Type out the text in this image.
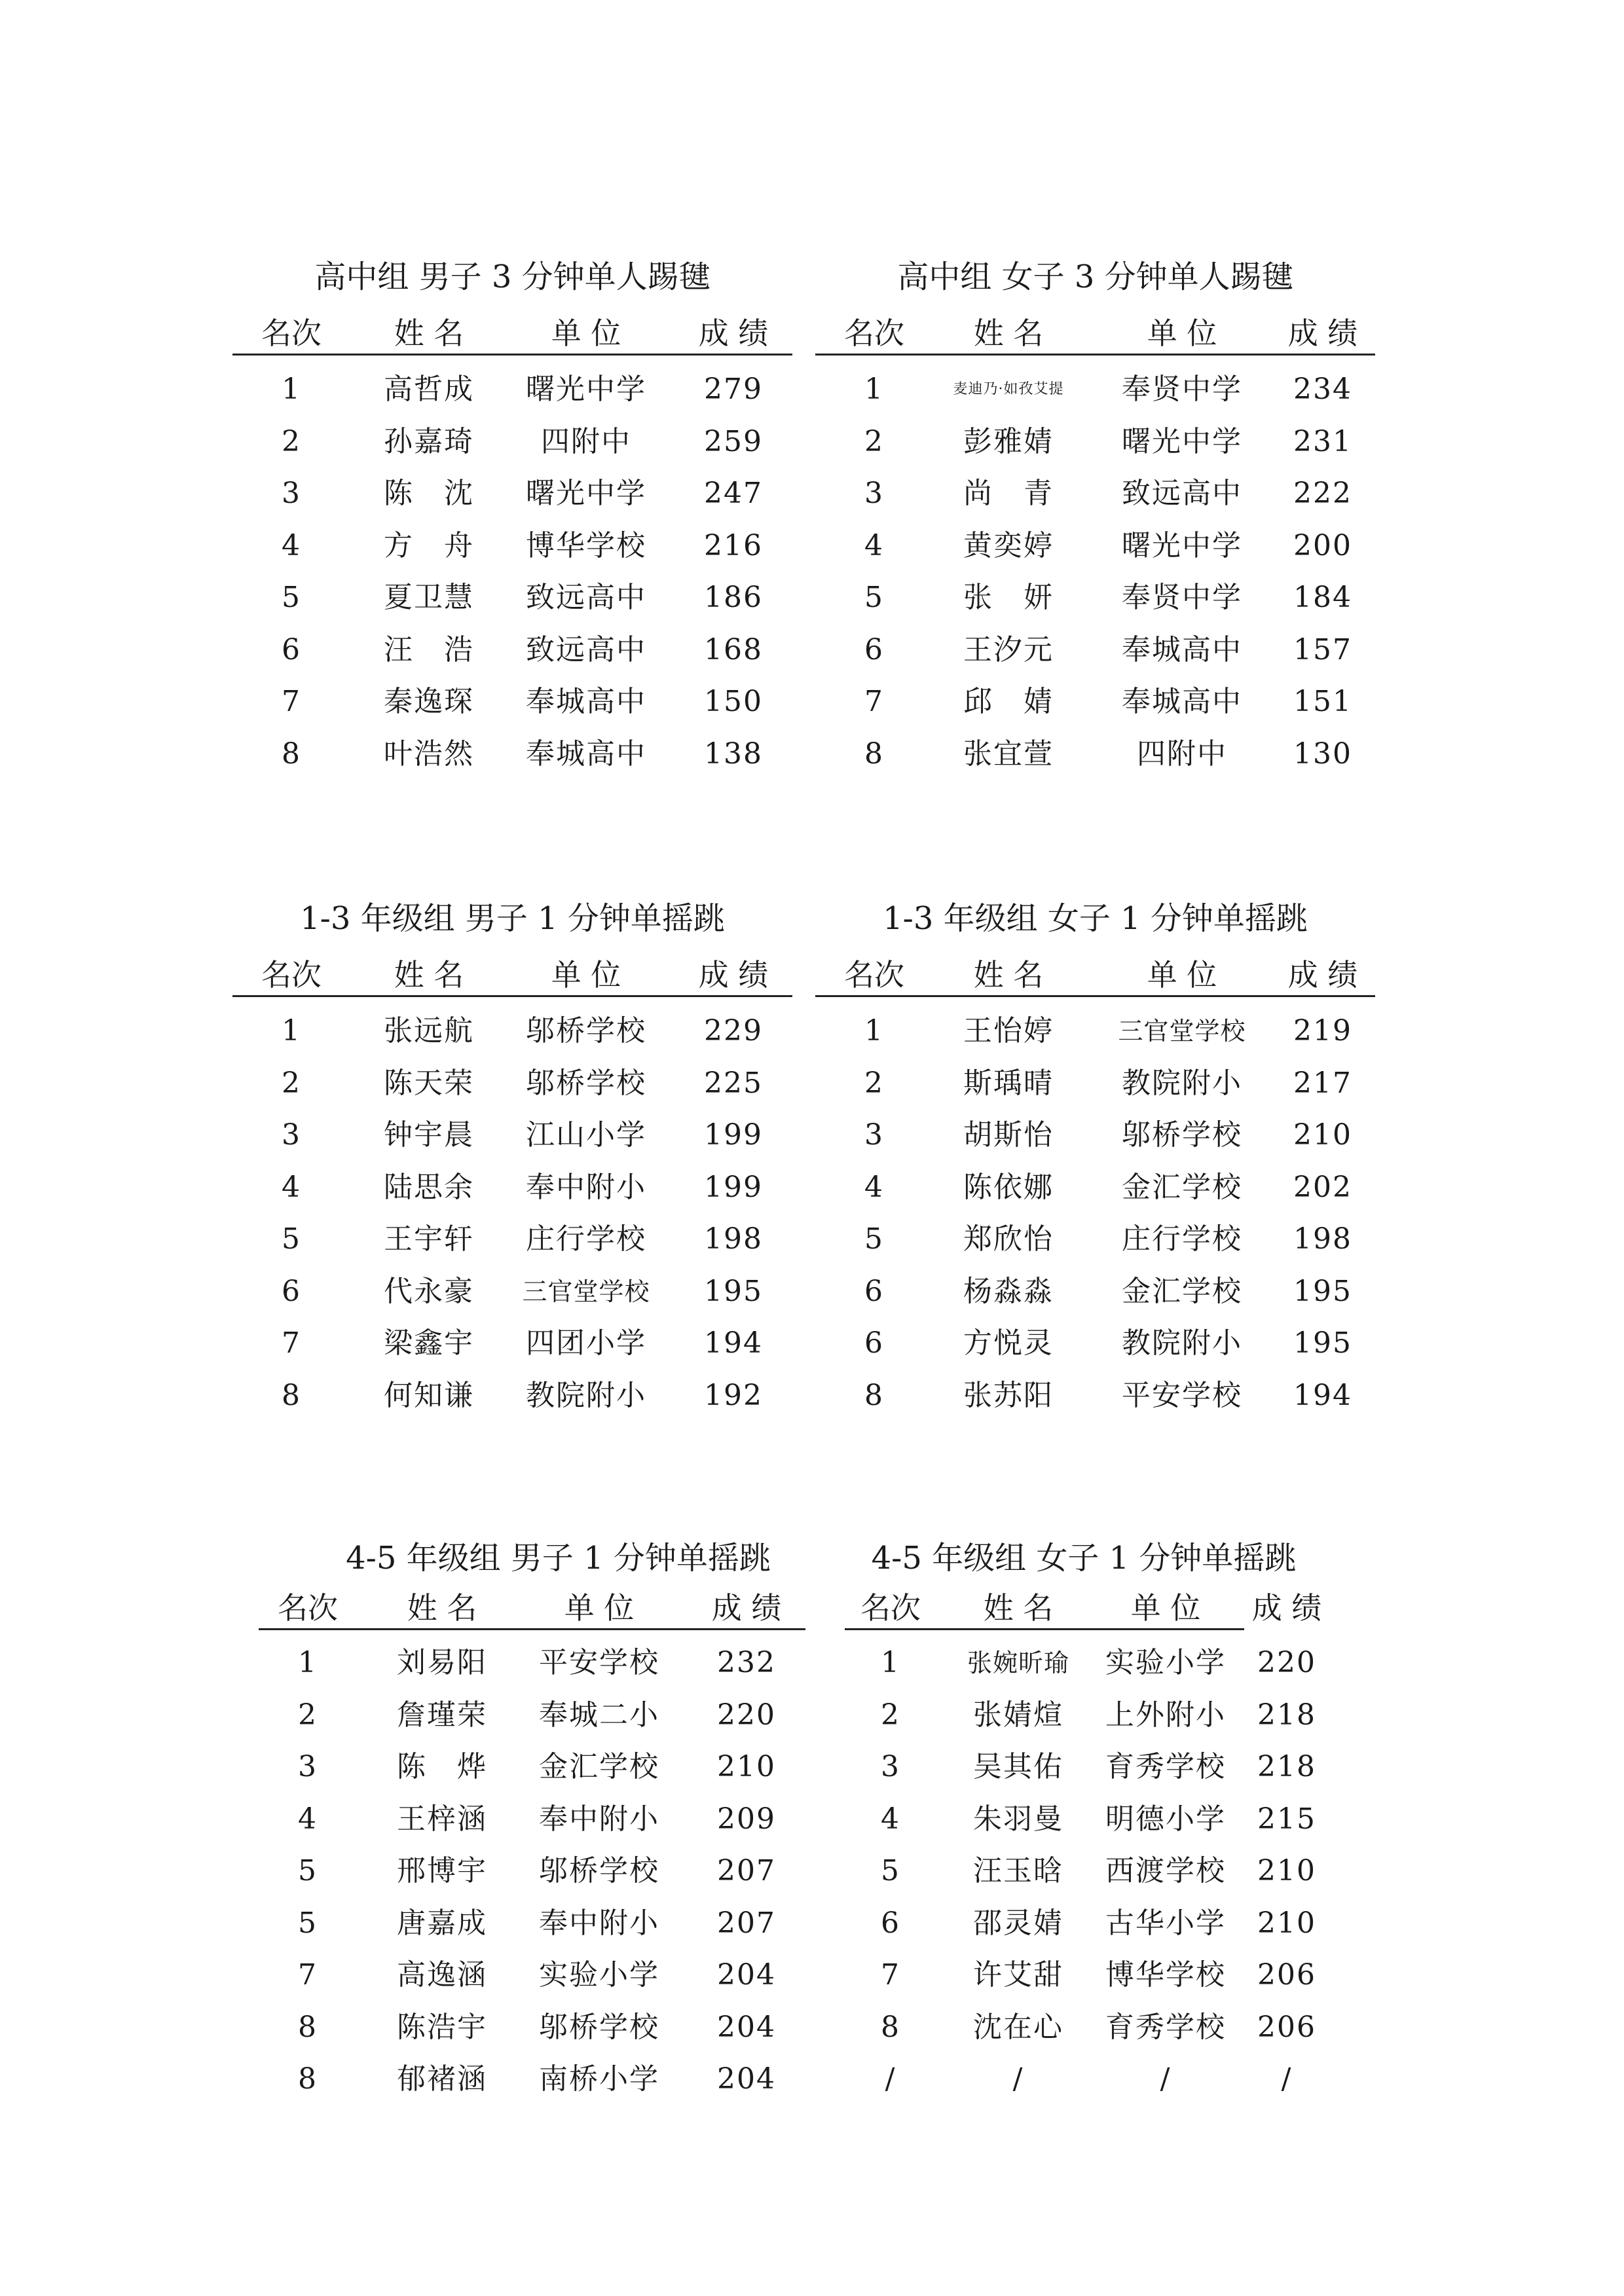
高中组 男子 3 分钟单人踢毽
名次	姓 名	单 位	成 绩
1	高哲成	曙光中学	279
2	孙嘉琦	四附中	259
3	陈　沈	曙光中学	247
4	方　舟	博华学校	216
5	夏卫慧	致远高中	186
6	汪　浩	致远高中	168
7	秦逸琛	奉城高中	150
8	叶浩然	奉城高中	138
高中组 女子 3 分钟单人踢毽
名次	姓 名	单 位	成 绩
1	麦迪乃·如孜艾提	奉贤中学	234
2	彭雅婧	曙光中学	231
3	尚　青	致远高中	222
4	黄奕婷	曙光中学	200
5	张　妍	奉贤中学	184
6	王汐元	奉城高中	157
7	邱　婧	奉城高中	151
8	张宜萱	四附中	130
1-3 年级组 男子 1 分钟单摇跳
名次	姓 名	单 位	成 绩
1	张远航	邬桥学校	229
2	陈天荣	邬桥学校	225
3	钟宇晨	江山小学	199
4	陆思余	奉中附小	199
5	王宇轩	庄行学校	198
6	代永豪	三官堂学校	195
7	梁鑫宇	四团小学	194
8	何知谦	教院附小	192
1-3 年级组 女子 1 分钟单摇跳
名次	姓 名	单 位	成 绩
1	王怡婷	三官堂学校	219
2	斯瑀晴	教院附小	217
3	胡斯怡	邬桥学校	210
4	陈依娜	金汇学校	202
5	郑欣怡	庄行学校	198
6	杨淼淼	金汇学校	195
6	方悦灵	教院附小	195
8	张苏阳	平安学校	194
4-5 年级组 男子 1 分钟单摇跳
名次	姓 名	单 位	成 绩
1	刘易阳	平安学校	232
2	詹瑾荣	奉城二小	220
3	陈　烨	金汇学校	210
4	王梓涵	奉中附小	209
5	邢博宇	邬桥学校	207
5	唐嘉成	奉中附小	207
7	高逸涵	实验小学	204
8	陈浩宇	邬桥学校	204
8	郁褚涵	南桥小学	204
4-5 年级组 女子 1 分钟单摇跳
名次	姓 名	单 位	成 绩
1	张婉昕瑜	实验小学	220
2	张婧煊	上外附小	218
3	吴其佑	育秀学校	218
4	朱羽曼	明德小学	215
5	汪玉晗	西渡学校	210
6	邵灵婧	古华小学	210
7	许艾甜	博华学校	206
8	沈在心	育秀学校	206
/	/	/	/
